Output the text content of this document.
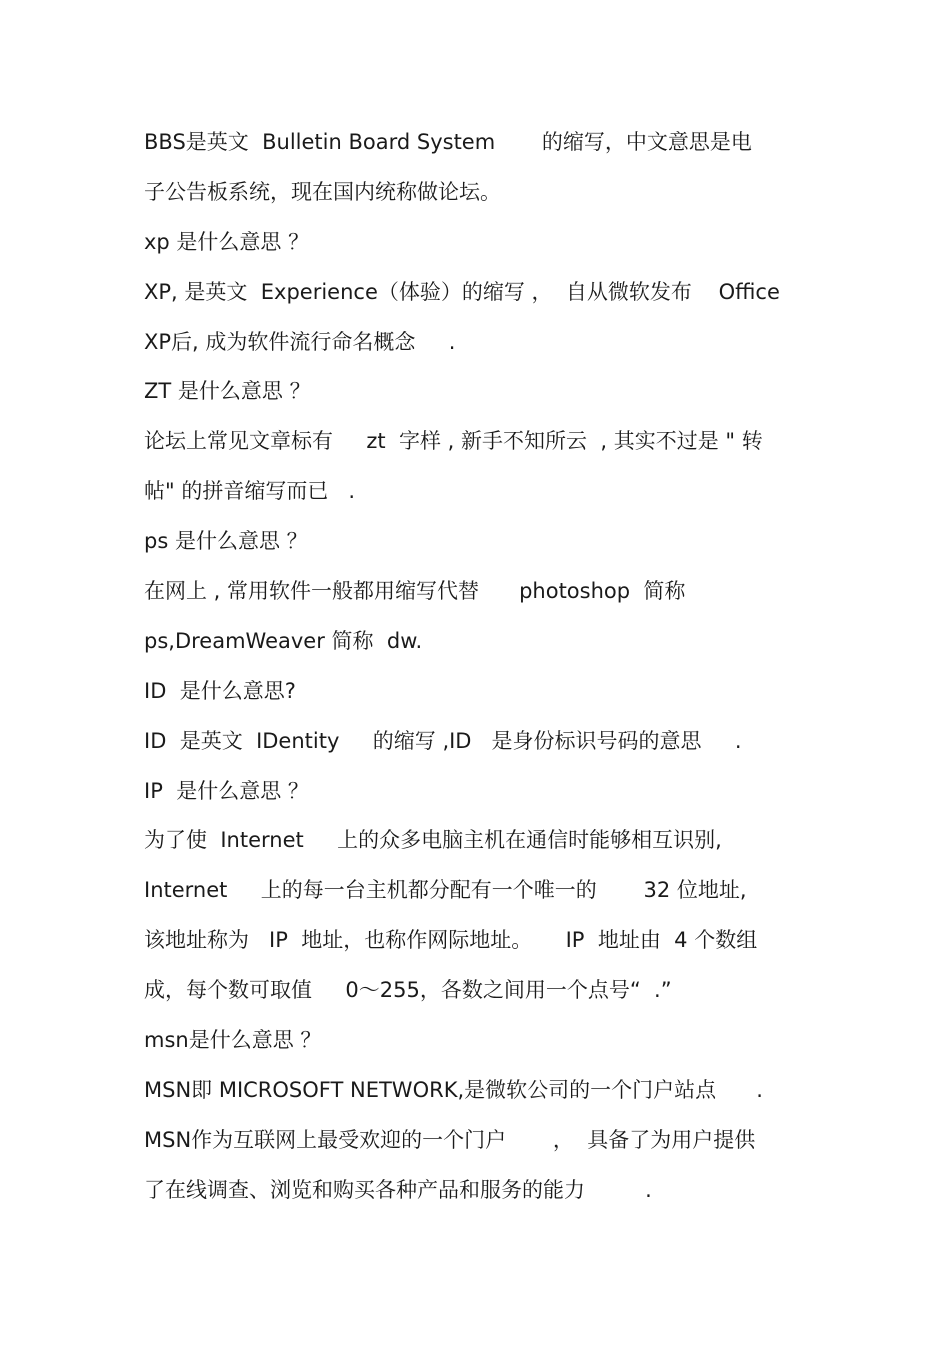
BBS是英文  Bulletin Board System       的缩写，中文意思是电
子公告板系统，现在国内统称做论坛。
xp 是什么意思 ？
XP, 是英文  Experience（体验）的缩写 ，  自从微软发布    Office
XP后, 成为软件流行命名概念     .
ZT 是什么意思 ？
论坛上常见文章标有     zt  字样 , 新手不知所云  , 其实不过是 " 转
帖" 的拼音缩写而已   .
ps 是什么意思 ？
在网上 , 常用软件一般都用缩写代替      photoshop  简称
ps,DreamWeaver 简称  dw.
ID  是什么意思?
ID  是英文  IDentity     的缩写 ,ID   是身份标识号码的意思     .
IP  是什么意思 ？
为了使  Internet     上的众多电脑主机在通信时能够相互识别,
Internet     上的每一台主机都分配有一个唯一的       32 位地址,
该地址称为   IP  地址，也称作网际地址。     IP  地址由  4 个数组
成，每个数可取值     0～255，各数之间用一个点号“  .”
msn是什么意思 ？
MSN即 MICROSOFT NETWORK,是微软公司的一个门户站点      .
MSN作为互联网上最受欢迎的一个门户       ，  具备了为用户提供
了在线调查、浏览和购买各种产品和服务的能力         .
